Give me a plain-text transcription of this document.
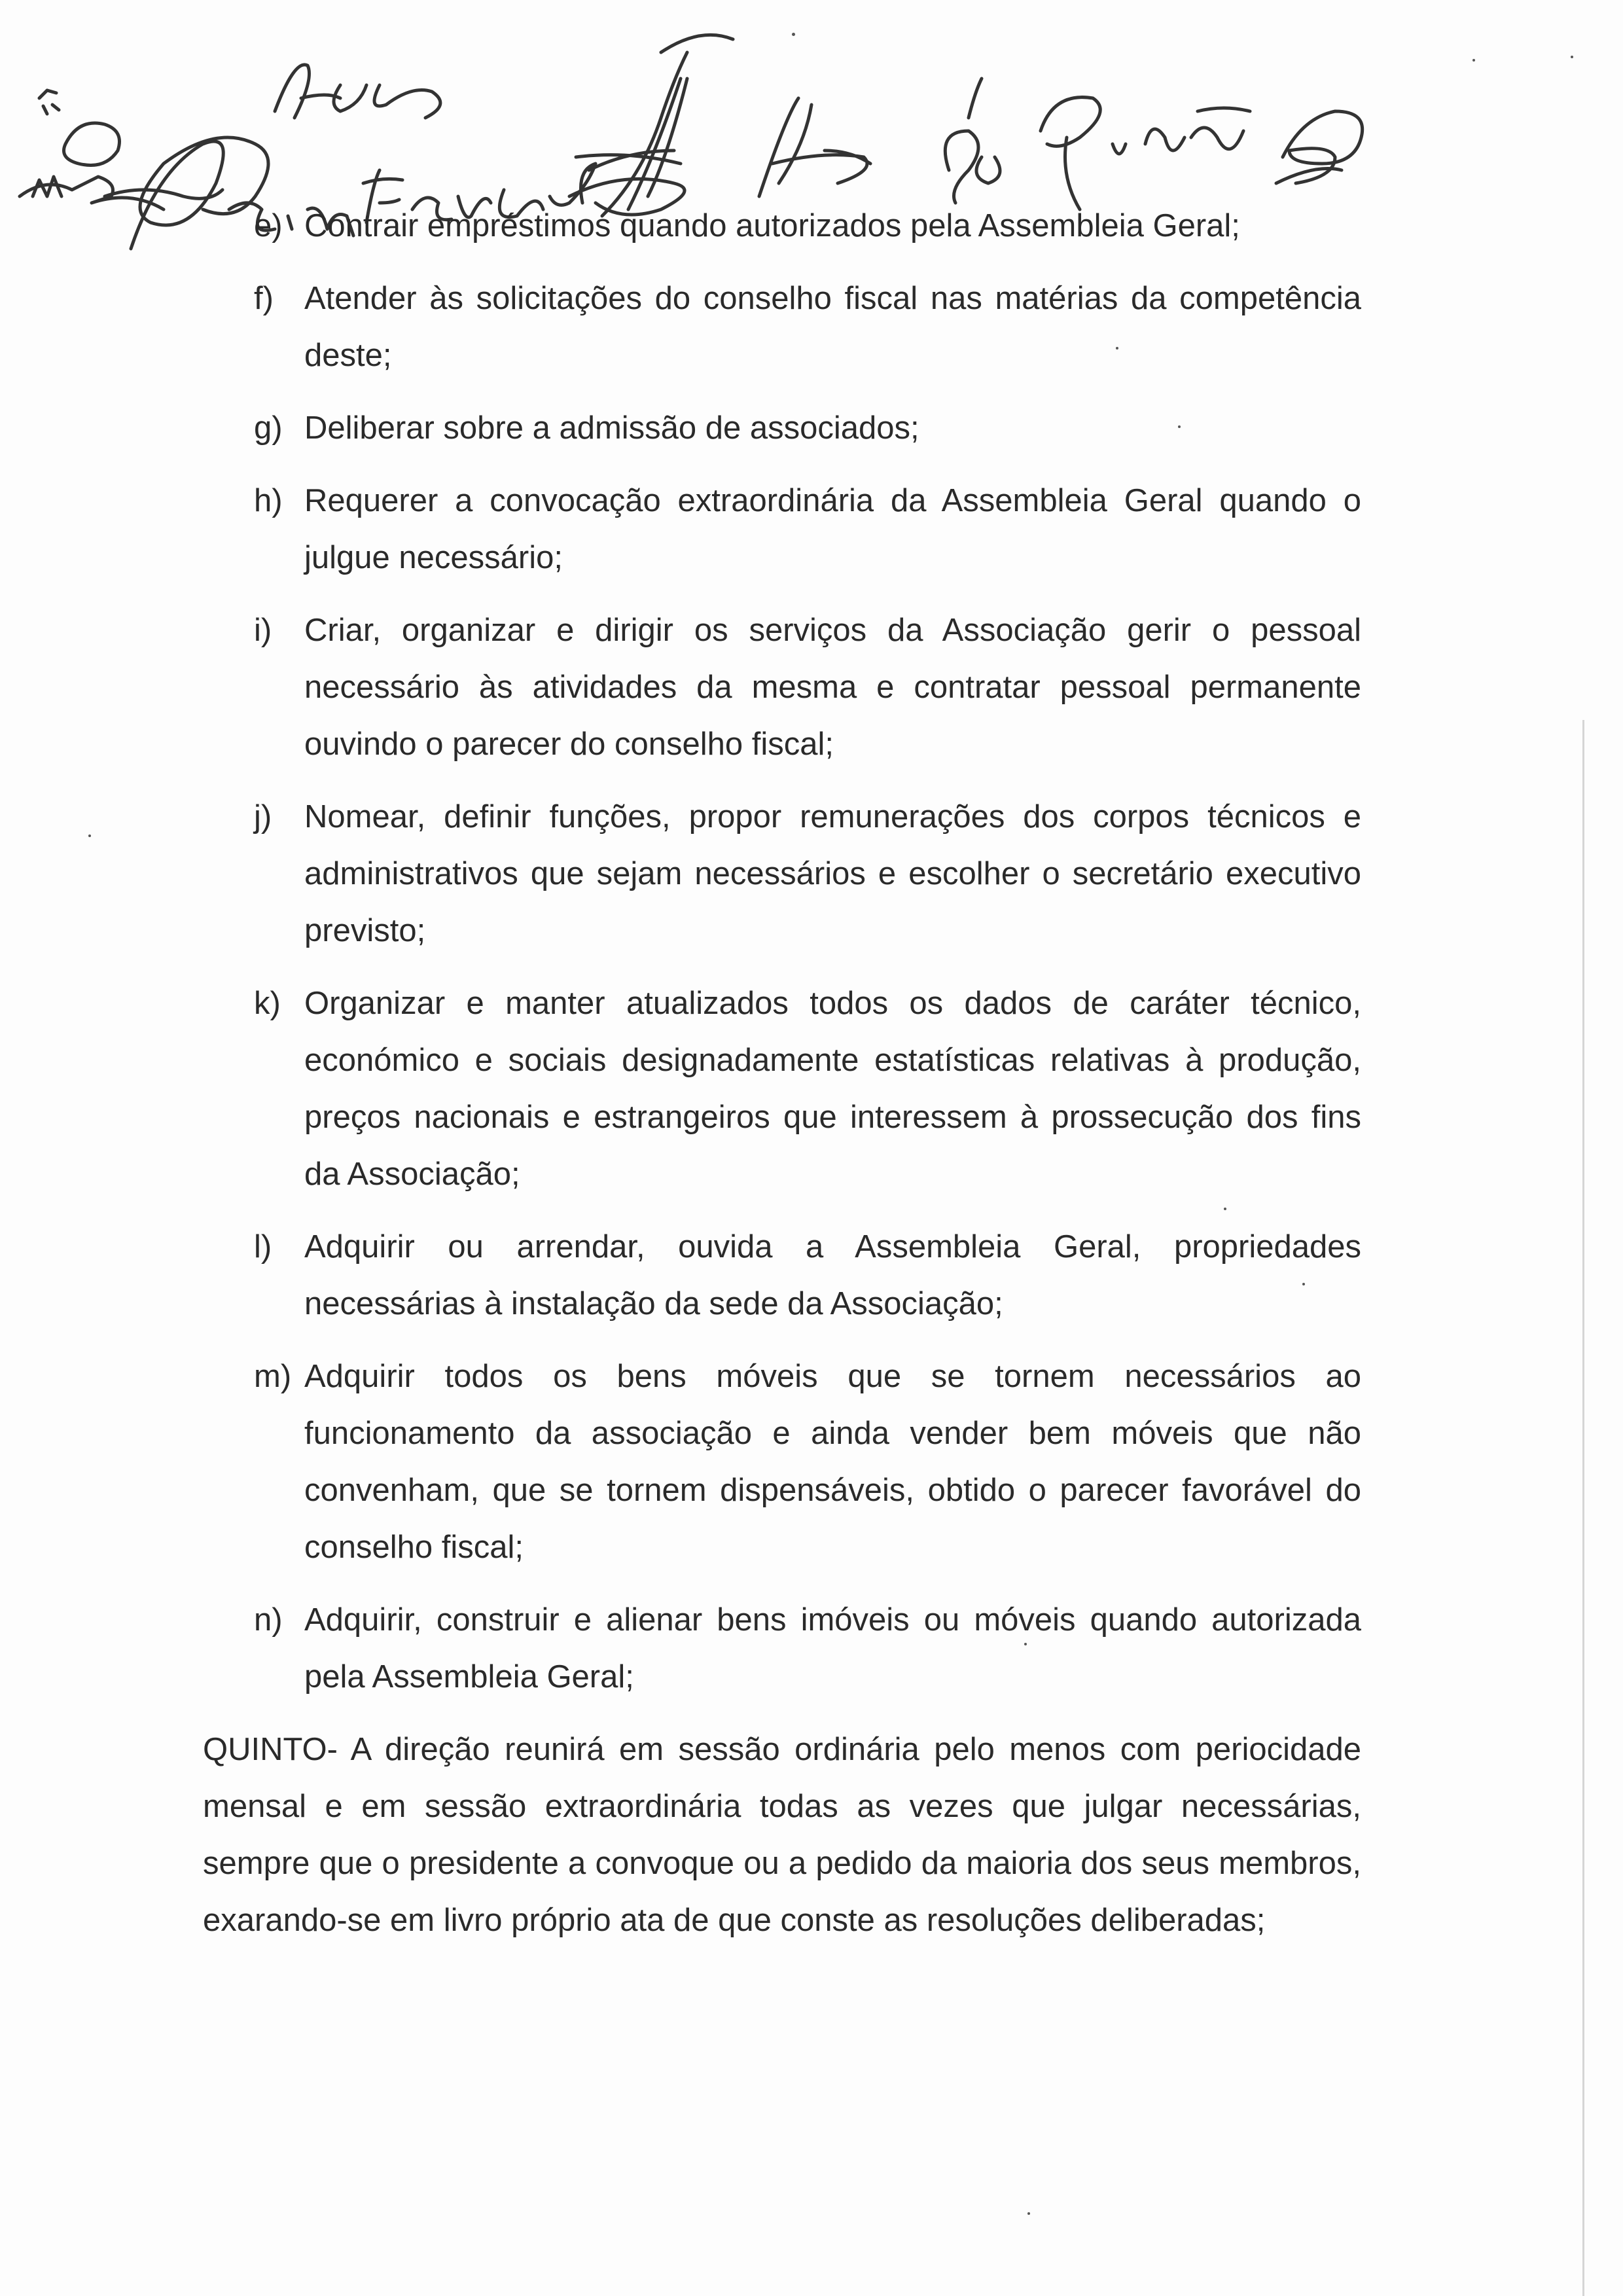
e) Contrair empréstimos quando autorizados pela Assembleia Geral;
f) Atender às solicitações do conselho fiscal nas matérias da competência deste;
g) Deliberar sobre a admissão de associados;
h) Requerer a convocação extraordinária da Assembleia Geral quando o julgue necessário;
i) Criar, organizar e dirigir os serviços da Associação gerir o pessoal necessário às atividades da mesma e contratar pessoal permanente ouvindo o parecer do conselho fiscal;
j) Nomear, definir funções, propor remunerações dos corpos técnicos e administrativos que sejam necessários e escolher o secretário executivo previsto;
k) Organizar e manter atualizados todos os dados de caráter técnico, económico e sociais designadamente estatísticas relativas à produção, preços nacionais e estrangeiros que interessem à prossecução dos fins da Associação;
l) Adquirir ou arrendar, ouvida a Assembleia Geral, propriedades necessárias à instalação da sede da Associação;
m) Adquirir todos os bens móveis que se tornem necessários ao funcionamento da associação e ainda vender bem móveis que não convenham, que se tornem dispensáveis, obtido o parecer favorável do conselho fiscal;
n) Adquirir, construir e alienar bens imóveis ou móveis quando autorizada pela Assembleia Geral;

QUINTO- A direção reunirá em sessão ordinária pelo menos com periocidade mensal e em sessão extraordinária todas as vezes que julgar necessárias, sempre que o presidente a convoque ou a pedido da maioria dos seus membros, exarando-se em livro próprio ata de que conste as resoluções deliberadas;
